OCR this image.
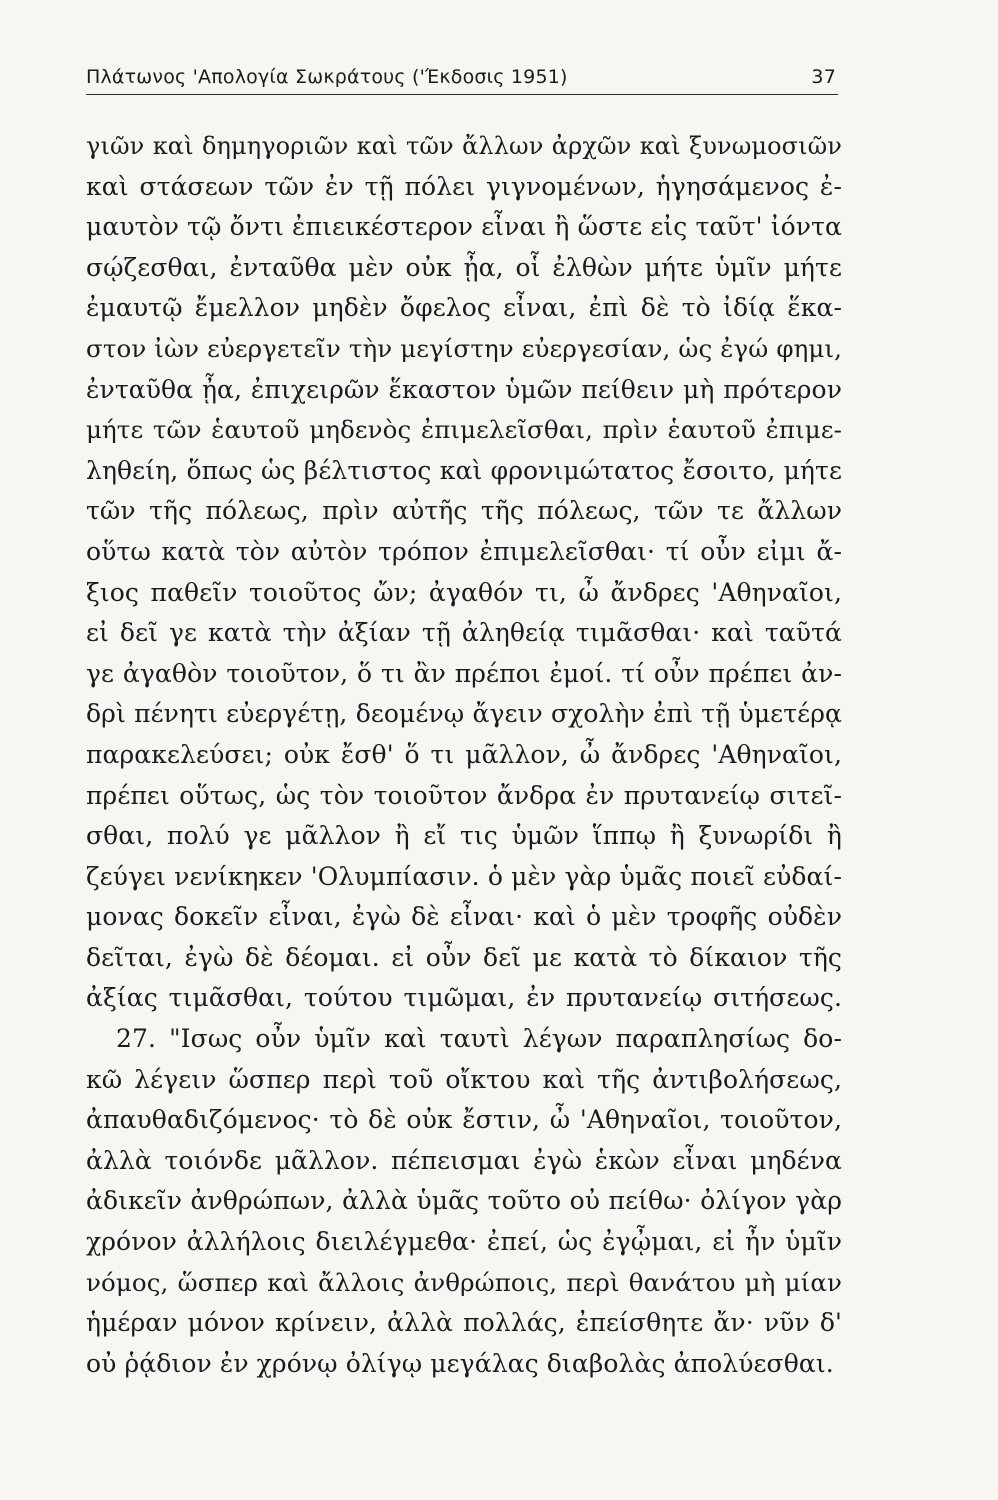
Πλάτωνος 'Απολογία Σωκράτους ('Έκδοσις 1951)	37
γιῶν καὶ δημηγοριῶν καὶ τῶν ἄλλων ἀρχῶν καὶ ξυνωμοσιῶν
καὶ στάσεων τῶν ἐν τῇ πόλει γιγνομένων, ἡγησάμενος ἐ-
μαυτὸν τῷ ὄντι ἐπιεικέστερον εἶναι ἢ ὥστε εἰς ταῦτ' ἰόντα
σῴζεσθαι, ἐνταῦθα μὲν οὐκ ᾖα, οἷ ἐλθὼν μήτε ὑμῖν μήτε
ἐμαυτῷ ἔμελλον μηδὲν ὄφελος εἶναι, ἐπὶ δὲ τὸ ἰδίᾳ ἕκα-
στον ἰὼν εὐεργετεῖν τὴν μεγίστην εὐεργεσίαν, ὡς ἐγώ φημι,
ἐνταῦθα ᾖα, ἐπιχειρῶν ἕκαστον ὑμῶν πείθειν μὴ πρότερον
μήτε τῶν ἑαυτοῦ μηδενὸς ἐπιμελεῖσθαι, πρὶν ἑαυτοῦ ἐπιμε-
ληθείη, ὅπως ὡς βέλτιστος καὶ φρονιμώτατος ἔσοιτο, μήτε
τῶν τῆς πόλεως, πρὶν αὐτῆς τῆς πόλεως, τῶν τε ἄλλων
οὕτω κατὰ τὸν αὐτὸν τρόπον ἐπιμελεῖσθαι· τί οὖν εἰμι ἄ-
ξιος παθεῖν τοιοῦτος ὤν; ἀγαθόν τι, ὦ ἄνδρες 'Αθηναῖοι,
εἰ δεῖ γε κατὰ τὴν ἀξίαν τῇ ἀληθείᾳ τιμᾶσθαι· καὶ ταῦτά
γε ἀγαθὸν τοιοῦτον, ὅ τι ἂν πρέποι ἐμοί. τί οὖν πρέπει ἀν-
δρὶ πένητι εὐεργέτῃ, δεομένῳ ἄγειν σχολὴν ἐπὶ τῇ ὑμετέρᾳ
παρακελεύσει; οὐκ ἔσθ' ὅ τι μᾶλλον, ὦ ἄνδρες 'Αθηναῖοι,
πρέπει οὕτως, ὡς τὸν τοιοῦτον ἄνδρα ἐν πρυτανείῳ σιτεῖ-
σθαι, πολύ γε μᾶλλον ἢ εἴ τις ὑμῶν ἵππῳ ἢ ξυνωρίδι ἢ
ζεύγει νενίκηκεν 'Ολυμπίασιν. ὁ μὲν γὰρ ὑμᾶς ποιεῖ εὐδαί-
μονας δοκεῖν εἶναι, ἐγὼ δὲ εἶναι· καὶ ὁ μὲν τροφῆς οὐδὲν
δεῖται, ἐγὼ δὲ δέομαι. εἰ οὖν δεῖ με κατὰ τὸ δίκαιον τῆς
ἀξίας τιμᾶσθαι, τούτου τιμῶμαι, ἐν πρυτανείῳ σιτήσεως.
27. "Ισως οὖν ὑμῖν καὶ ταυτὶ λέγων παραπλησίως δο-
κῶ λέγειν ὥσπερ περὶ τοῦ οἴκτου καὶ τῆς ἀντιβολήσεως,
ἀπαυθαδιζόμενος· τὸ δὲ οὐκ ἔστιν, ὦ 'Αθηναῖοι, τοιοῦτον,
ἀλλὰ τοιόνδε μᾶλλον. πέπεισμαι ἐγὼ ἑκὼν εἶναι μηδένα
ἀδικεῖν ἀνθρώπων, ἀλλὰ ὑμᾶς τοῦτο οὐ πείθω· ὀλίγον γὰρ
χρόνον ἀλλήλοις διειλέγμεθα· ἐπεί, ὡς ἐγᾦμαι, εἰ ἦν ὑμῖν
νόμος, ὥσπερ καὶ ἄλλοις ἀνθρώποις, περὶ θανάτου μὴ μίαν
ἡμέραν μόνον κρίνειν, ἀλλὰ πολλάς, ἐπείσθητε ἄν· νῦν δ'
οὐ ῥᾴδιον ἐν χρόνῳ ὀλίγῳ μεγάλας διαβολὰς ἀπολύεσθαι.
